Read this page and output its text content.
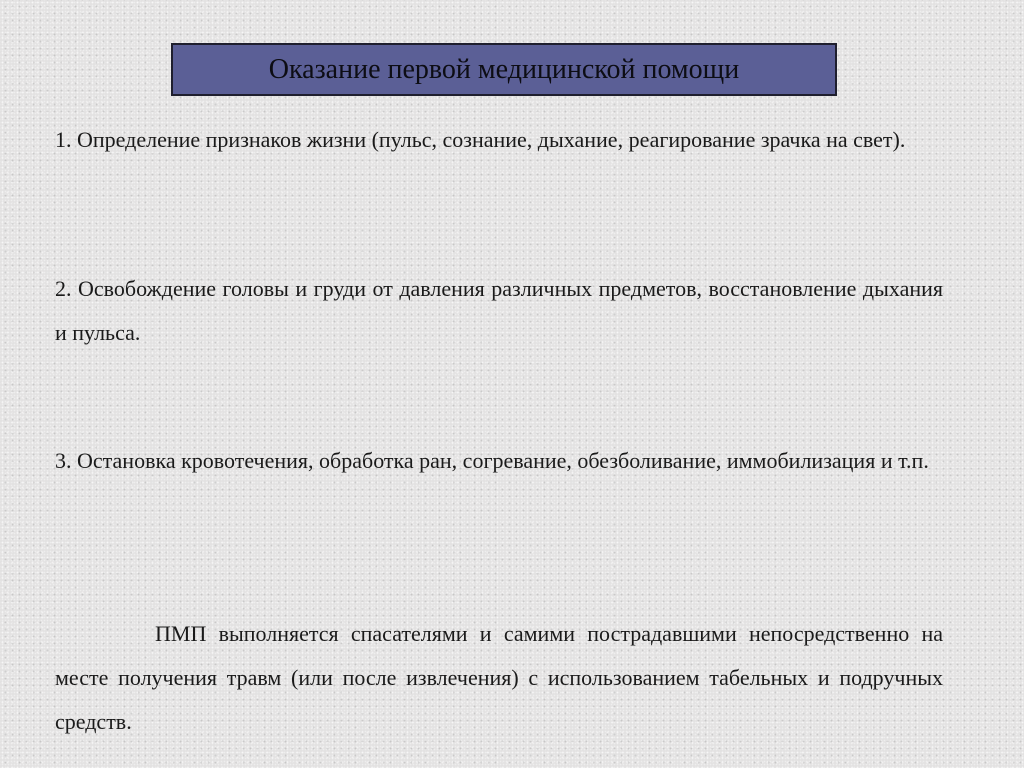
Оказание первой медицинской помощи

1. Определение признаков жизни (пульс, сознание, дыхание, реагирование зрачка на свет).

2. Освобождение головы и груди от давления различных предметов, восстановление дыхания и пульса.

3. Остановка кровотечения, обработка ран, согревание, обезболивание, иммобилизация и т.п.

ПМП выполняется спасателями и самими пострадавшими непосредственно на месте получения травм (или после извлечения) с использованием табельных и подручных средств.
